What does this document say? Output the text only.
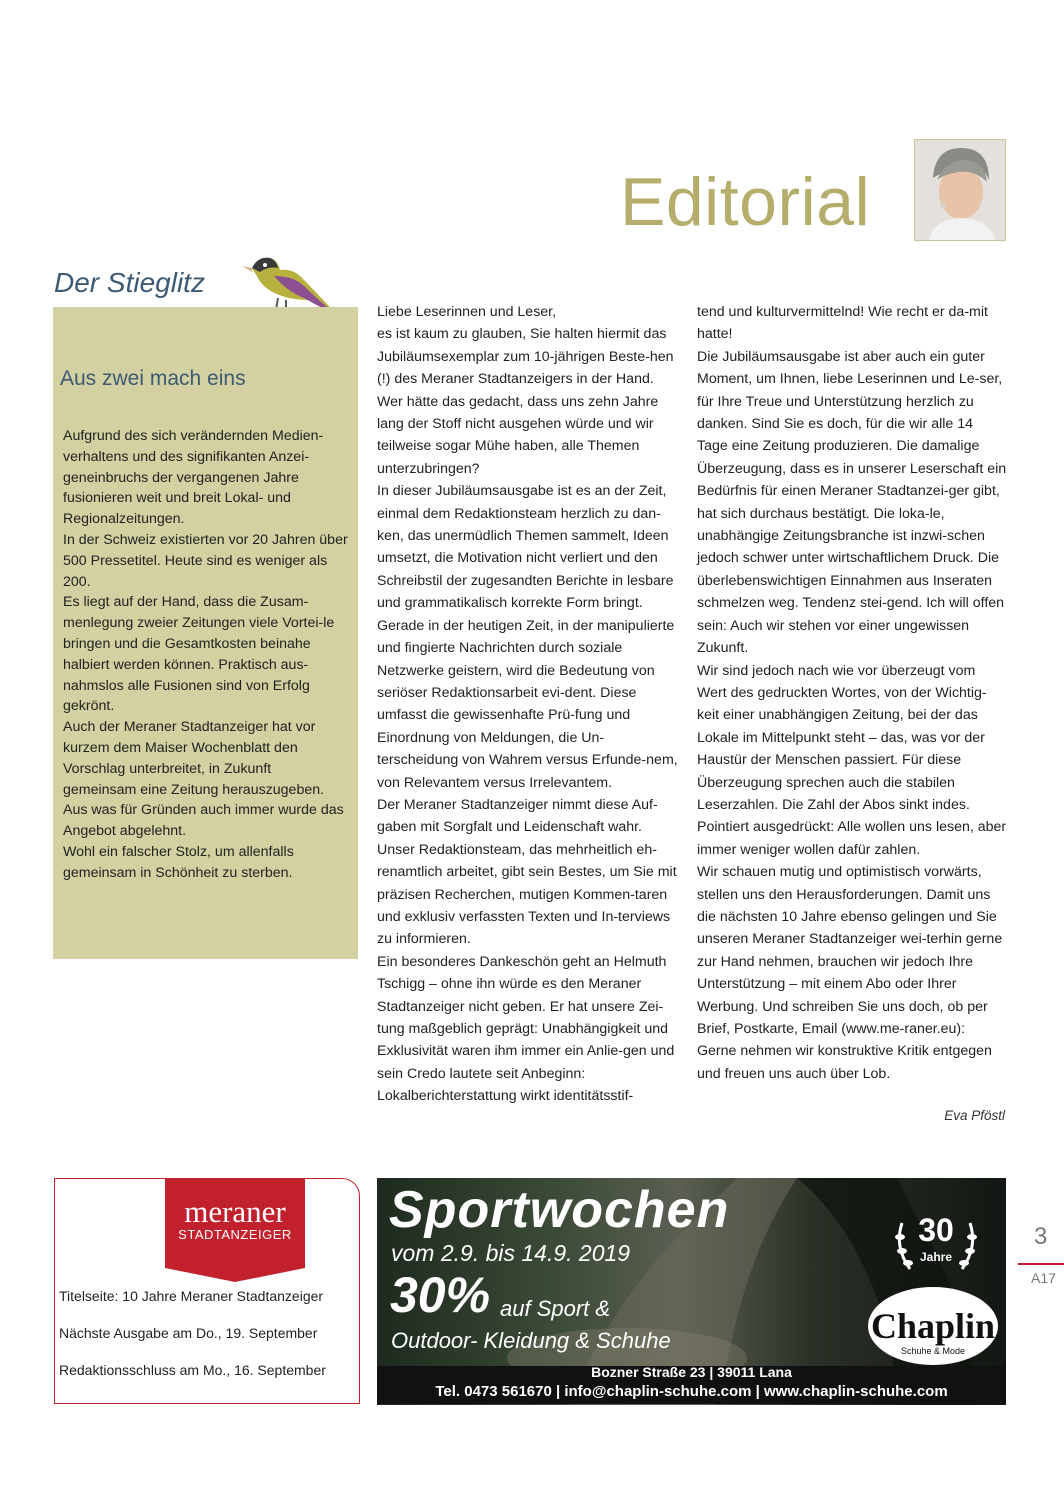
Editorial
Der Stieglitz
Aus zwei mach eins

Aufgrund des sich verändernden Medien-verhaltens und des signifikanten Anzei-geneinbruchs der vergangenen Jahre fusionieren weit und breit Lokal- und Regionalzeitungen.

In der Schweiz existierten vor 20 Jahren über 500 Pressetitel. Heute sind es weniger als 200.

Es liegt auf der Hand, dass die Zusam-menlegung zweier Zeitungen viele Vortei-le bringen und die Gesamtkosten beinahe halbiert werden können. Praktisch aus-nahmslos alle Fusionen sind von Erfolg gekrönt.

Auch der Meraner Stadtanzeiger hat vor kurzem dem Maiser Wochenblatt den Vorschlag unterbreitet, in Zukunft gemeinsam eine Zeitung herauszugeben.

Aus was für Gründen auch immer wurde das Angebot abgelehnt.

Wohl ein falscher Stolz, um allenfalls gemeinsam in Schönheit zu sterben.

Liebe Leserinnen und Leser,

es ist kaum zu glauben, Sie halten hiermit das Jubiläumsexemplar zum 10-jährigen Beste-hen (!) des Meraner Stadtanzeigers in der Hand. Wer hätte das gedacht, dass uns zehn Jahre lang der Stoff nicht ausgehen würde und wir teilweise sogar Mühe haben, alle Themen unterzubringen?

In dieser Jubiläumsausgabe ist es an der Zeit, einmal dem Redaktionsteam herzlich zu dan-ken, das unermüdlich Themen sammelt, Ideen umsetzt, die Motivation nicht verliert und den Schreibstil der zugesandten Berichte in lesbare und grammatikalisch korrekte Form bringt. Gerade in der heutigen Zeit, in der manipulierte und fingierte Nachrichten durch soziale Netzwerke geistern, wird die Bedeutung von seriöser Redaktionsarbeit evi-dent. Diese umfasst die gewissenhafte Prü-fung und Einordnung von Meldungen, die Un-terscheidung von Wahrem versus Erfunde-nem, von Relevantem versus Irrelevantem.

Der Meraner Stadtanzeiger nimmt diese Auf-gaben mit Sorgfalt und Leidenschaft wahr. Unser Redaktionsteam, das mehrheitlich eh-renamtlich arbeitet, gibt sein Bestes, um Sie mit präzisen Recherchen, mutigen Kommen-taren und exklusiv verfassten Texten und In-terviews zu informieren.

Ein besonderes Dankeschön geht an Helmuth Tschigg – ohne ihn würde es den Meraner Stadtanzeiger nicht geben. Er hat unsere Zei-tung maßgeblich geprägt: Unabhängigkeit und Exklusivität waren ihm immer ein Anlie-gen und sein Credo lautete seit Anbeginn: Lokalberichterstattung wirkt identitätsstif-

tend und kulturvermittelnd! Wie recht er da-mit hatte!

Die Jubiläumsausgabe ist aber auch ein guter Moment, um Ihnen, liebe Leserinnen und Le-ser, für Ihre Treue und Unterstützung herzlich zu danken. Sind Sie es doch, für die wir alle 14 Tage eine Zeitung produzieren. Die damalige Überzeugung, dass es in unserer Leserschaft ein Bedürfnis für einen Meraner Stadtanzei-ger gibt, hat sich durchaus bestätigt. Die loka-le, unabhängige Zeitungsbranche ist inzwi-schen jedoch schwer unter wirtschaftlichem Druck. Die überlebenswichtigen Einnahmen aus Inseraten schmelzen weg. Tendenz stei-gend. Ich will offen sein: Auch wir stehen vor einer ungewissen Zukunft.

Wir sind jedoch nach wie vor überzeugt vom Wert des gedruckten Wortes, von der Wichtig-keit einer unabhängigen Zeitung, bei der das Lokale im Mittelpunkt steht – das, was vor der Haustür der Menschen passiert. Für diese Überzeugung sprechen auch die stabilen Leserzahlen. Die Zahl der Abos sinkt indes. Pointiert ausgedrückt: Alle wollen uns lesen, aber immer weniger wollen dafür zahlen.

Wir schauen mutig und optimistisch vorwärts, stellen uns den Herausforderungen. Damit uns die nächsten 10 Jahre ebenso gelingen und Sie unseren Meraner Stadtanzeiger wei-terhin gerne zur Hand nehmen, brauchen wir jedoch Ihre Unterstützung – mit einem Abo oder Ihrer Werbung. Und schreiben Sie uns doch, ob per Brief, Postkarte, Email (www.me-raner.eu): Gerne nehmen wir konstruktive Kritik entgegen und freuen uns auch über Lob.

Eva Pföstl
meraner
STADTANZEIGER
Titelseite: 10 Jahre Meraner Stadtanzeiger
Nächste Ausgabe am Do., 19. September
Redaktionsschluss am Mo., 16. September
Sportwochen
vom 2.9. bis 14.9. 2019
30% auf Sport &
Outdoor- Kleidung & Schuhe
30
Jahre
Chaplin
Schuhe & Mode
Bozner Straße 23 | 39011 Lana
Tel. 0473 561670 | info@chaplin-schuhe.com | www.chaplin-schuhe.com
3
A17
